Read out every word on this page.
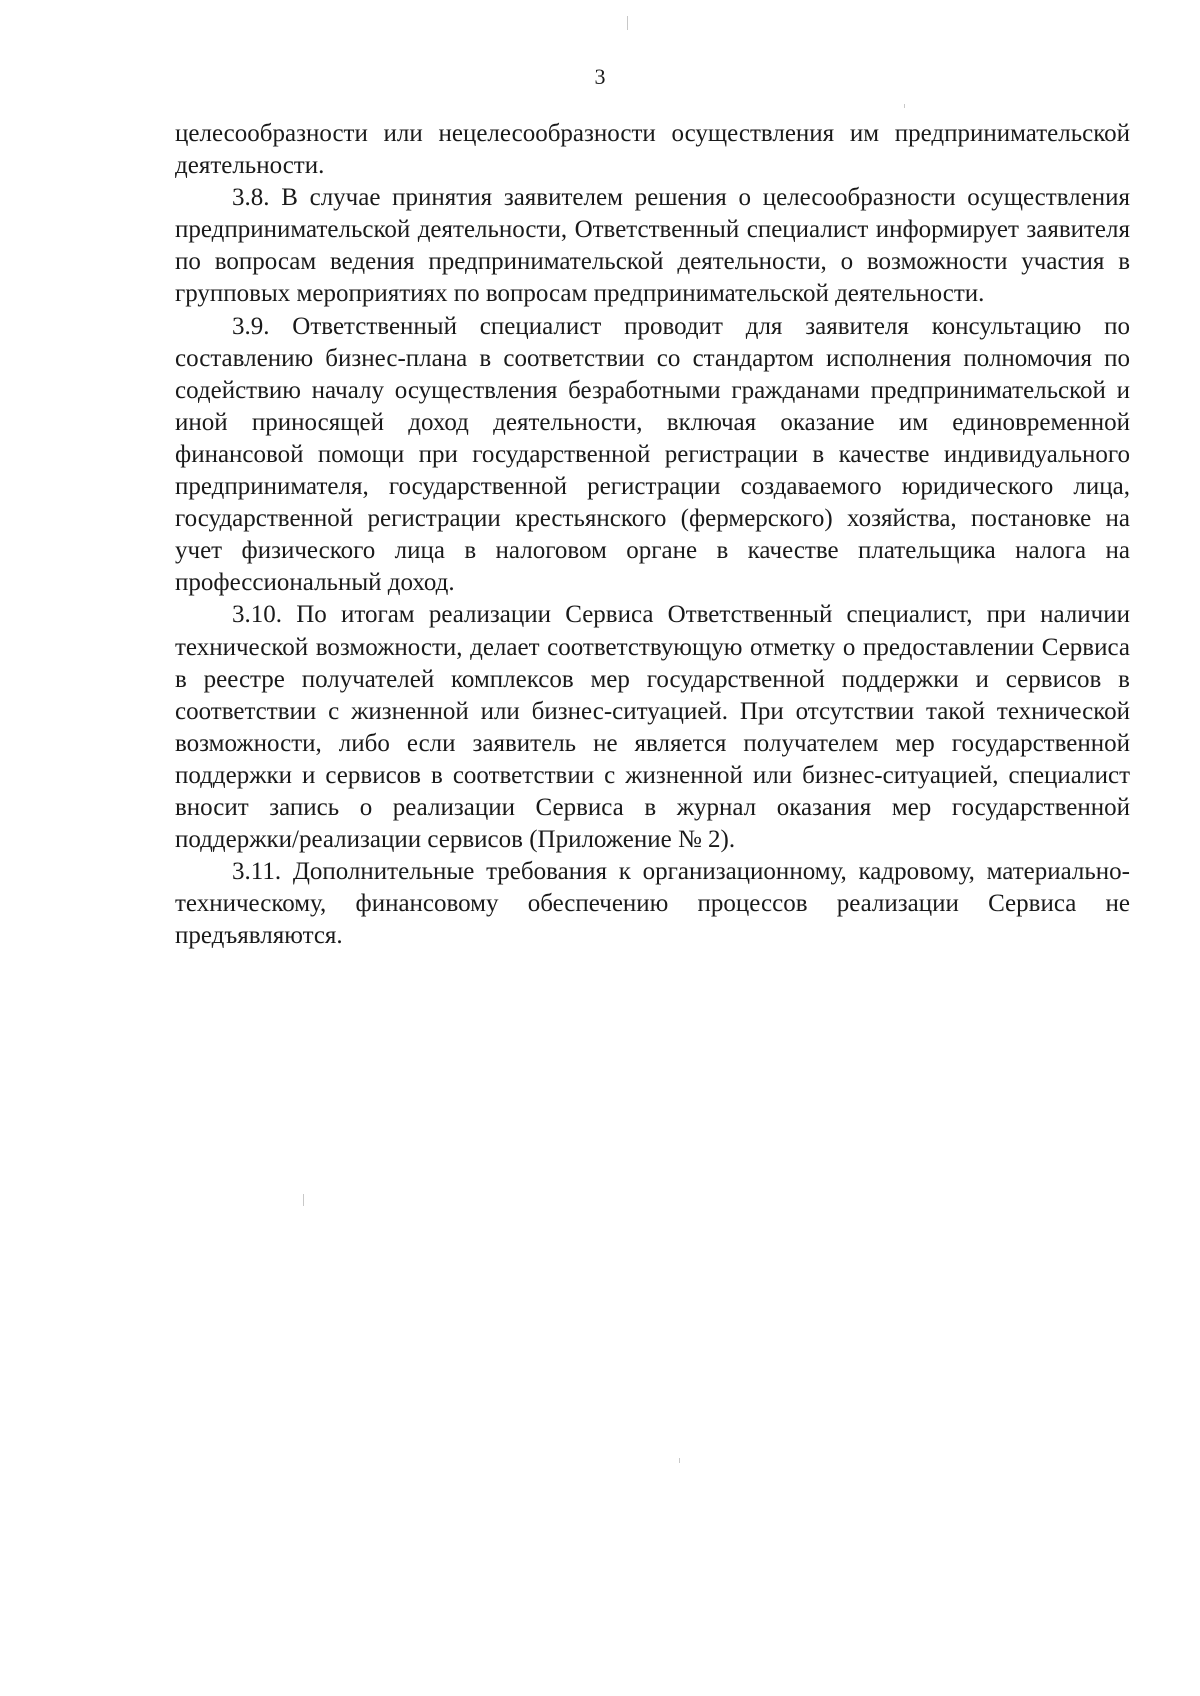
3

целесообразности или нецелесообразности осуществления им предпринимательской деятельности.

3.8. В случае принятия заявителем решения о целесообразности осуществления предпринимательской деятельности, Ответственный специалист информирует заявителя по вопросам ведения предпринимательской деятельности, о возможности участия в групповых мероприятиях по вопросам предпринимательской деятельности.

3.9. Ответственный специалист проводит для заявителя консультацию по составлению бизнес-плана в соответствии со стандартом исполнения полномочия по содействию началу осуществления безработными гражданами предпринимательской и иной приносящей доход деятельности, включая оказание им единовременной финансовой помощи при государственной регистрации в качестве индивидуального предпринимателя, государственной регистрации создаваемого юридического лица, государственной регистрации крестьянского (фермерского) хозяйства, постановке на учет физического лица в налоговом органе в качестве плательщика налога на профессиональный доход.

3.10. По итогам реализации Сервиса Ответственный специалист, при наличии технической возможности, делает соответствующую отметку о предоставлении Сервиса в реестре получателей комплексов мер государственной поддержки и сервисов в соответствии с жизненной или бизнес-ситуацией. При отсутствии такой технической возможности, либо если заявитель не является получателем мер государственной поддержки и сервисов в соответствии с жизненной или бизнес-ситуацией, специалист вносит запись о реализации Сервиса в журнал оказания мер государственной поддержки/реализации сервисов (Приложение № 2).

3.11. Дополнительные требования к организационному, кадровому, материально-техническому, финансовому обеспечению процессов реализации Сервиса не предъявляются.
